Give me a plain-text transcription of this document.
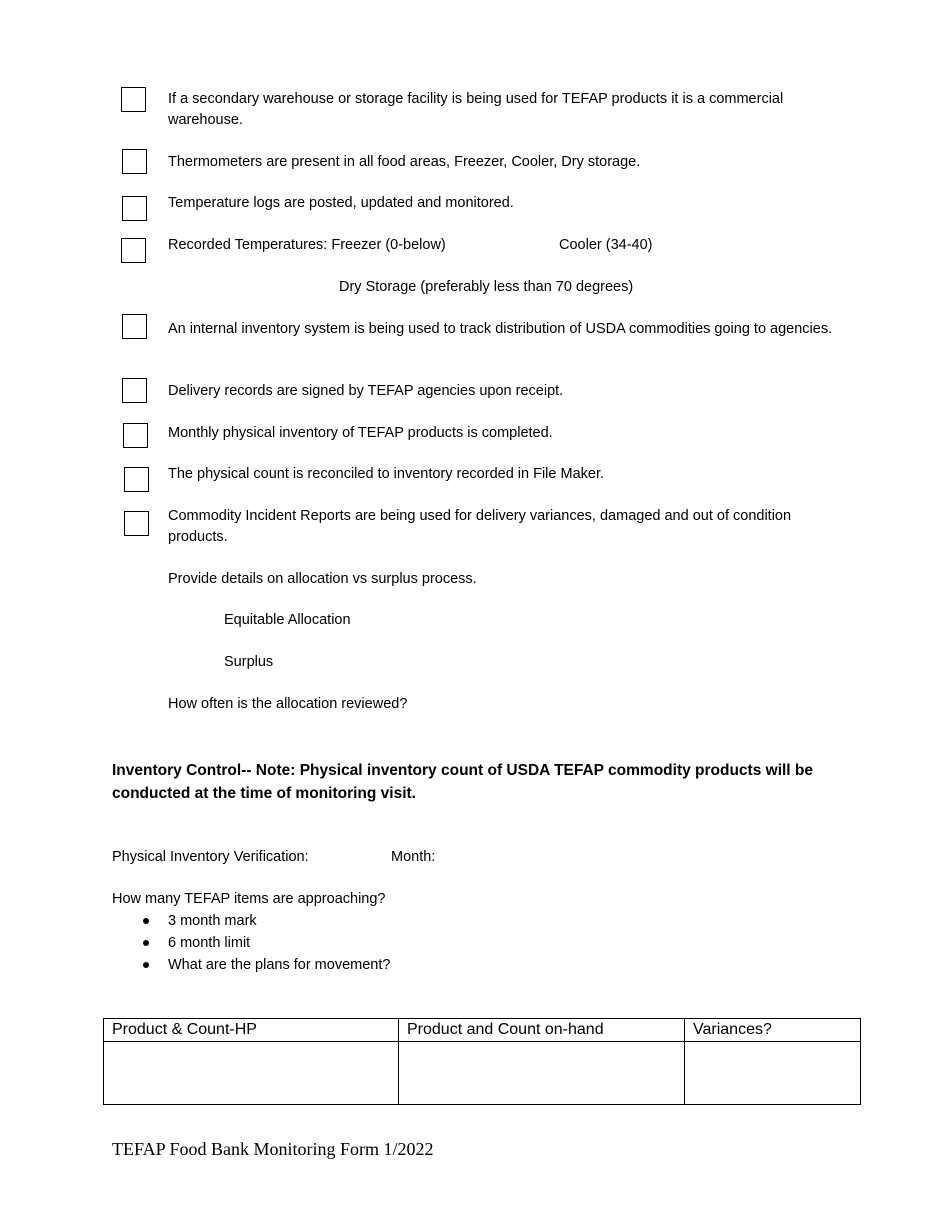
If a secondary warehouse or storage facility is being used for TEFAP products it is a commercial warehouse.
Thermometers are present in all food areas, Freezer, Cooler, Dry storage.
Temperature logs are posted, updated and monitored.
Recorded Temperatures: Freezer (0-below)	Cooler (34-40)
Dry Storage (preferably less than 70 degrees)
An internal inventory system is being used to track distribution of USDA commodities going to agencies.
Delivery records are signed by TEFAP agencies upon receipt.
Monthly physical inventory of TEFAP products is completed.
The physical count is reconciled to inventory recorded in File Maker.
Commodity Incident Reports are being used for delivery variances, damaged and out of condition products.
Provide details on allocation vs surplus process.
Equitable Allocation
Surplus
How often is the allocation reviewed?
Inventory Control-- Note: Physical inventory count of USDA TEFAP commodity products will be conducted at the time of monitoring visit.
Physical Inventory Verification:	Month:
How many TEFAP items are approaching?
3 month mark
6 month limit
What are the plans for movement?
Product & Count-HP	Product and Count on-hand	Variances?

TEFAP Food Bank Monitoring Form 1/2022
